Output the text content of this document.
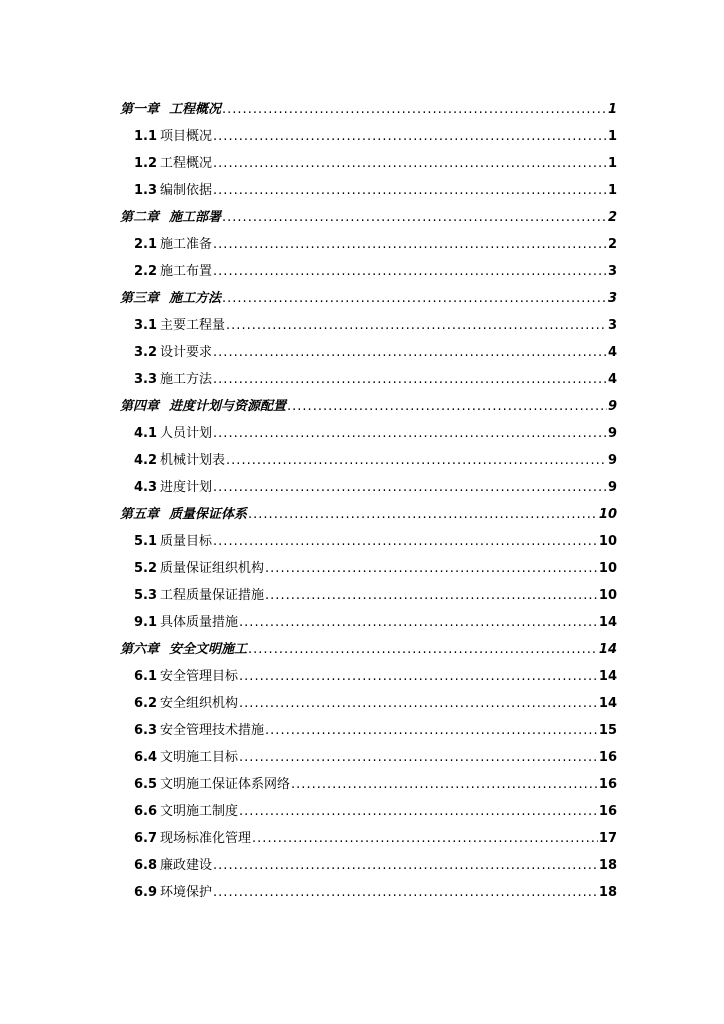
第一章 工程概况 .....	1
1.1 项目概况 .....	1
1.2 工程概况 .....	1
1.3 编制依据 .....	1
第二章 施工部署 .....	2
2.1 施工准备 .....	2
2.2 施工布置 .....	3
第三章 施工方法 .....	3
3.1 主要工程量 .....	3
3.2 设计要求 .....	4
3.3 施工方法 .....	4
第四章 进度计划与资源配置 .....	9
4.1 人员计划 .....	9
4.2 机械计划表 .....	9
4.3 进度计划 .....	9
第五章 质量保证体系 .....	10
5.1 质量目标 .....	10
5.2 质量保证组织机构 .....	10
5.3 工程质量保证措施 .....	10
9.1 具体质量措施 .....	14
第六章 安全文明施工 .....	14
6.1 安全管理目标 .....	14
6.2 安全组织机构 .....	14
6.3 安全管理技术措施 .....	15
6.4 文明施工目标 .....	16
6.5 文明施工保证体系网络 .....	16
6.6 文明施工制度 .....	16
6.7 现场标准化管理 .....	17
6.8 廉政建设 .....	18
6.9 环境保护 .....	18
